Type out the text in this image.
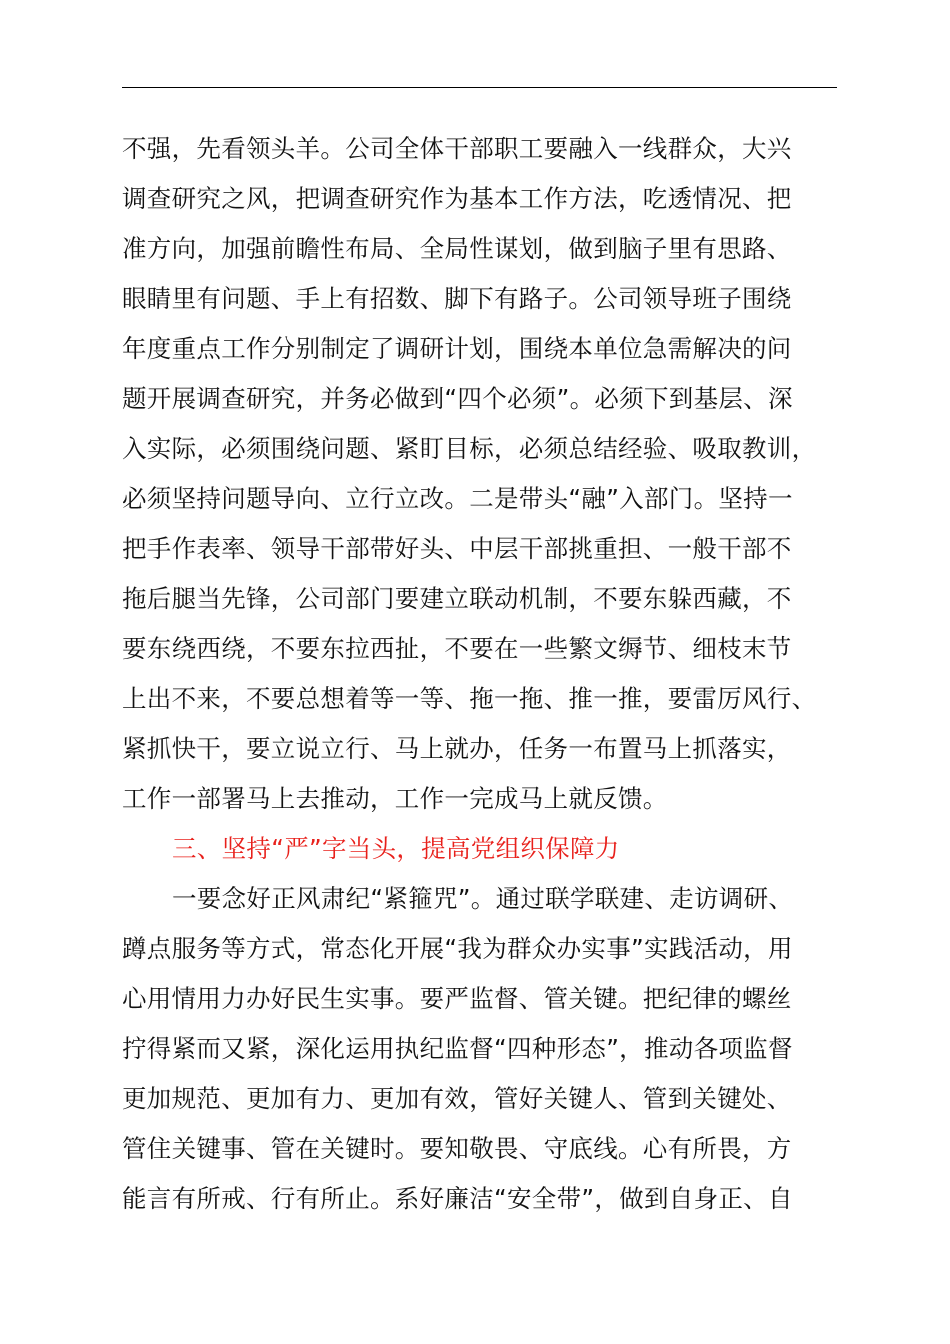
不强，先看领头羊。公司全体干部职工要融入一线群众，大兴
调查研究之风，把调查研究作为基本工作方法，吃透情况、把
准方向，加强前瞻性布局、全局性谋划，做到脑子里有思路、
眼睛里有问题、手上有招数、脚下有路子。公司领导班子围绕
年度重点工作分别制定了调研计划，围绕本单位急需解决的问
题开展调查研究，并务必做到“四个必须”。必须下到基层、深
入实际，必须围绕问题、紧盯目标，必须总结经验、吸取教训，
必须坚持问题导向、立行立改。二是带头“融”入部门。坚持一
把手作表率、领导干部带好头、中层干部挑重担、一般干部不
拖后腿当先锋，公司部门要建立联动机制，不要东躲西藏，不
要东绕西绕，不要东拉西扯，不要在一些繁文缛节、细枝末节
上出不来，不要总想着等一等、拖一拖、推一推，要雷厉风行、
紧抓快干，要立说立行、马上就办，任务一布置马上抓落实，
工作一部署马上去推动，工作一完成马上就反馈。
三、坚持“严”字当头，提高党组织保障力
一要念好正风肃纪“紧箍咒”。通过联学联建、走访调研、
蹲点服务等方式，常态化开展“我为群众办实事”实践活动，用
心用情用力办好民生实事。要严监督、管关键。把纪律的螺丝
拧得紧而又紧，深化运用执纪监督“四种形态”，推动各项监督
更加规范、更加有力、更加有效，管好关键人、管到关键处、
管住关键事、管在关键时。要知敬畏、守底线。心有所畏，方
能言有所戒、行有所止。系好廉洁“安全带”，做到自身正、自
